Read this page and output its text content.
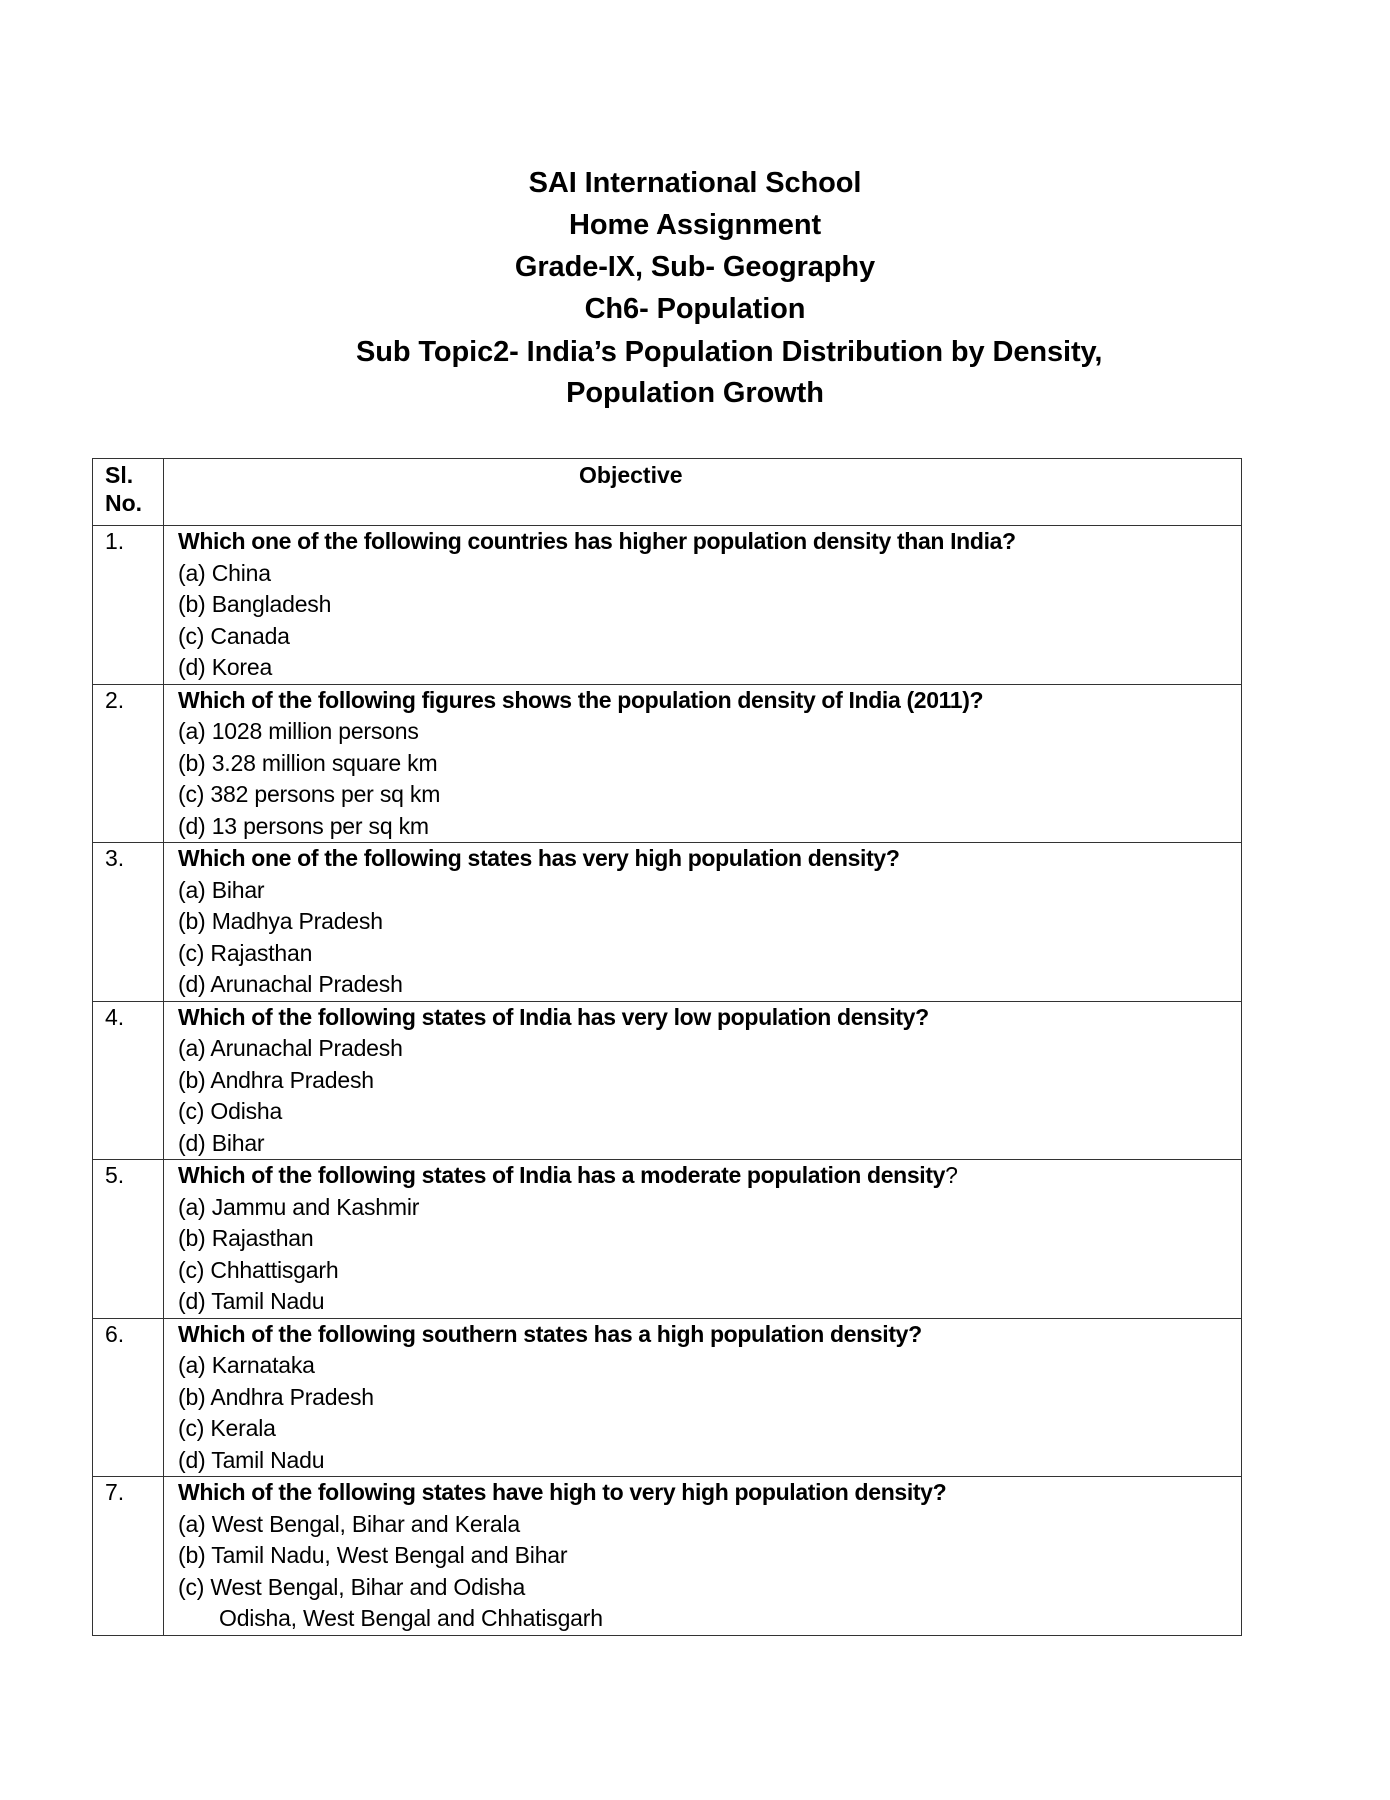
SAI International School
Home Assignment
Grade-IX, Sub- Geography
Ch6- Population
Sub Topic2- India’s Population Distribution by Density,
Population Growth
Sl.
No.	Objective

1.	Which one of the following countries has higher population density than India?
(a) China
(b) Bangladesh
(c) Canada
(d) Korea

2.	Which of the following figures shows the population density of India (2011)?
(a) 1028 million persons
(b) 3.28 million square km
(c) 382 persons per sq km
(d) 13 persons per sq km

3.	Which one of the following states has very high population density?
(a) Bihar
(b) Madhya Pradesh
(c) Rajasthan
(d) Arunachal Pradesh

4.	Which of the following states of India has very low population density?
(a) Arunachal Pradesh
(b) Andhra Pradesh
(c) Odisha
(d) Bihar

5.	Which of the following states of India has a moderate population density?
(a) Jammu and Kashmir
(b) Rajasthan
(c) Chhattisgarh
(d) Tamil Nadu

6.	Which of the following southern states has a high population density?
(a) Karnataka
(b) Andhra Pradesh
(c) Kerala
(d) Tamil Nadu

7.	Which of the following states have high to very high population density?
(a) West Bengal, Bihar and Kerala
(b) Tamil Nadu, West Bengal and Bihar
(c) West Bengal, Bihar and Odisha
Odisha, West Bengal and Chhatisgarh
